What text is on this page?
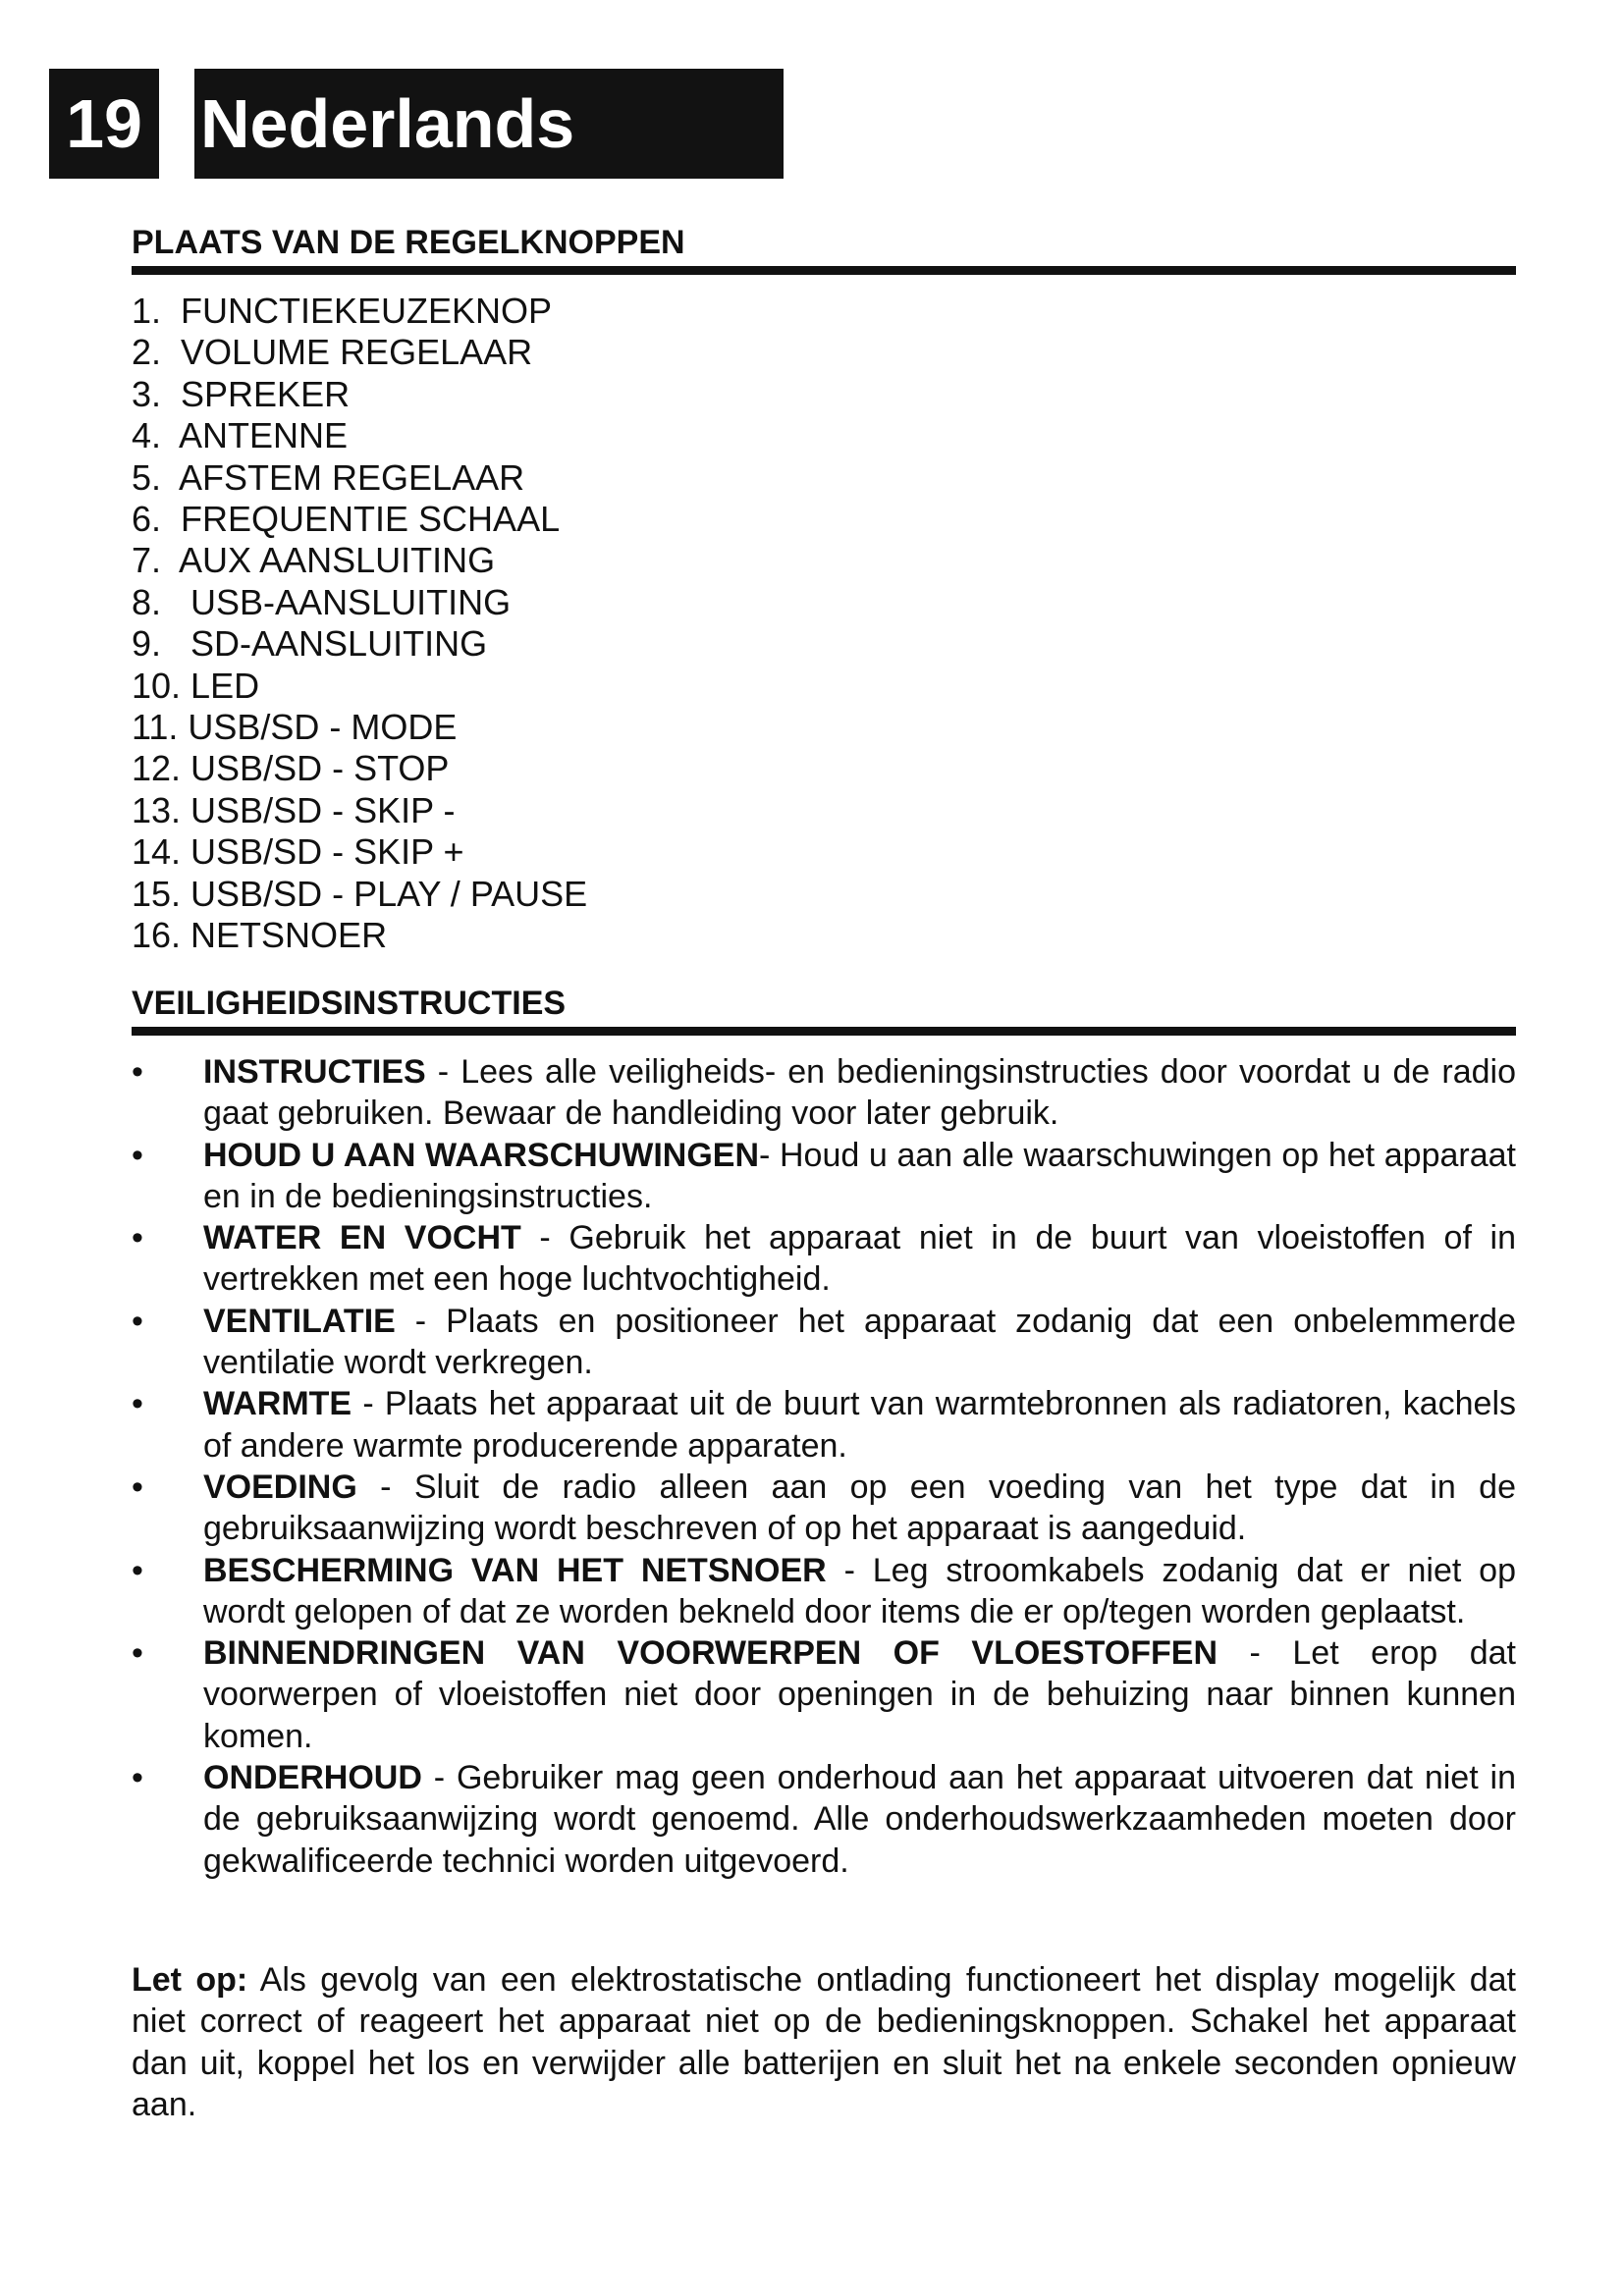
19 Nederlands
PLAATS VAN DE REGELKNOPPEN
1.  FUNCTIEKEUZEKNOP
2.  VOLUME REGELAAR
3.  SPREKER
4.  ANTENNE
5.  AFSTEM REGELAAR
6.  FREQUENTIE SCHAAL
7.  AUX AANSLUITING
8.   USB-AANSLUITING
9.   SD-AANSLUITING
10. LED
11. USB/SD - MODE
12. USB/SD - STOP
13. USB/SD - SKIP -
14. USB/SD - SKIP +
15. USB/SD - PLAY / PAUSE
16. NETSNOER
VEILIGHEIDSINSTRUCTIES
• INSTRUCTIES - Lees alle veiligheids- en bedieningsinstructies door voordat u de radio gaat gebruiken. Bewaar de handleiding voor later gebruik.
• HOUD U AAN WAARSCHUWINGEN- Houd u aan alle waarschuwingen op het apparaat en in de bedieningsinstructies.
• WATER EN VOCHT - Gebruik het apparaat niet in de buurt van vloeistoffen of in vertrekken met een hoge luchtvochtigheid.
• VENTILATIE - Plaats en positioneer het apparaat zodanig dat een onbelemmerde ventilatie wordt verkregen.
• WARMTE - Plaats het apparaat uit de buurt van warmtebronnen als radiatoren, kachels of andere warmte producerende apparaten.
• VOEDING - Sluit de radio alleen aan op een voeding van het type dat in de gebruiksaanwijzing wordt beschreven of op het apparaat is aangeduid.
• BESCHERMING VAN HET NETSNOER - Leg stroomkabels zodanig dat er niet op wordt gelopen of dat ze worden bekneld door items die er op/tegen worden geplaatst.
• BINNENDRINGEN VAN VOORWERPEN OF VLOESTOFFEN - Let erop dat voorwerpen of vloeistoffen niet door openingen in de behuizing naar binnen kunnen komen.
• ONDERHOUD - Gebruiker mag geen onderhoud aan het apparaat uitvoeren dat niet in de gebruiksaanwijzing wordt genoemd. Alle onderhoudswerkzaamheden moeten door gekwalificeerde technici worden uitgevoerd.

Let op: Als gevolg van een elektrostatische ontlading functioneert het display mogelijk dat niet correct of reageert het apparaat niet op de bedieningsknoppen. Schakel het apparaat dan uit, koppel het los en verwijder alle batterijen en sluit het na enkele seconden opnieuw aan.
